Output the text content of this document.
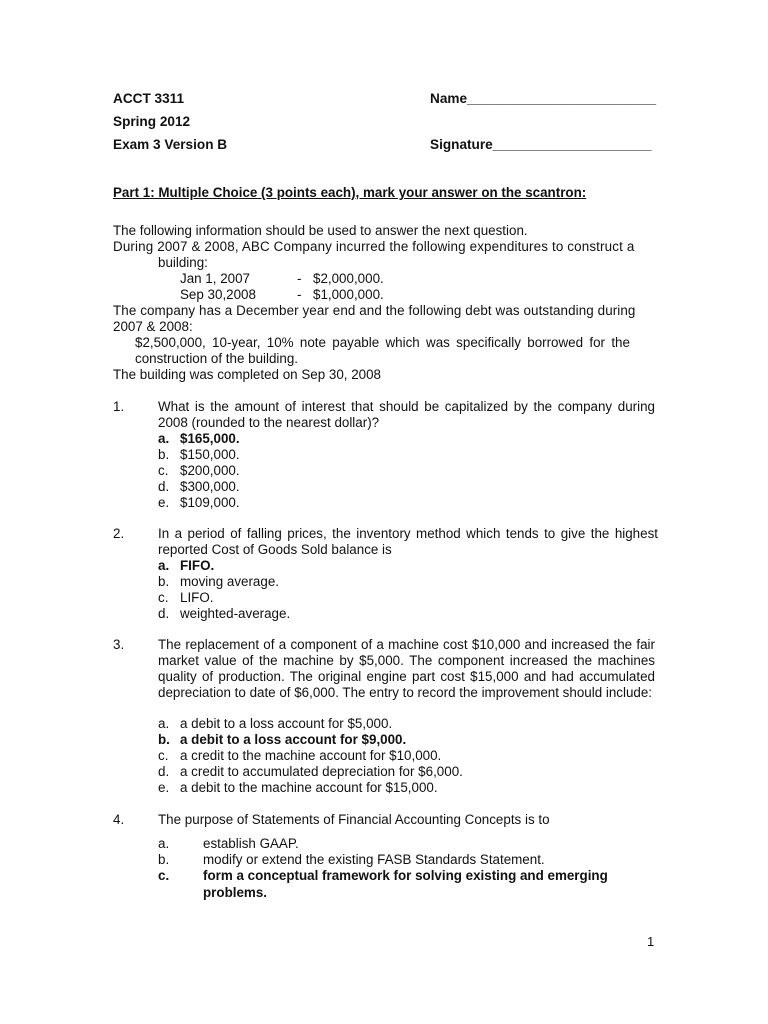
ACCT 3311
Spring 2012
Exam 3 Version B
Name_________________________
Signature_____________________
Part 1: Multiple Choice (3 points each), mark your answer on the scantron:
The following information should be used to answer the next question.
During 2007 & 2008, ABC Company incurred the following expenditures to construct a
building:
Jan 1, 2007	- $2,000,000.
Sep 30,2008	- $1,000,000.
The company has a December year end and the following debt was outstanding during
2007 & 2008:
$2,500,000, 10-year, 10% note payable which was specifically borrowed for the
construction of the building.
The building was completed on Sep 30, 2008
1.	What is the amount of interest that should be capitalized by the company during 2008 (rounded to the nearest dollar)?
a. $165,000.
b. $150,000.
c. $200,000.
d. $300,000.
e. $109,000.
2.	In a period of falling prices, the inventory method which tends to give the highest reported Cost of Goods Sold balance is
a. FIFO.
b. moving average.
c. LIFO.
d. weighted-average.
3.	The replacement of a component of a machine cost $10,000 and increased the fair market value of the machine by $5,000. The component increased the machines quality of production. The original engine part cost $15,000 and had accumulated depreciation to date of $6,000. The entry to record the improvement should include:
a. a debit to a loss account for $5,000.
b. a debit to a loss account for $9,000.
c. a credit to the machine account for $10,000.
d. a credit to accumulated depreciation for $6,000.
e. a debit to the machine account for $15,000.
4.	The purpose of Statements of Financial Accounting Concepts is to
a.	establish GAAP.
b.	modify or extend the existing FASB Standards Statement.
c.	form a conceptual framework for solving existing and emerging problems.
1
